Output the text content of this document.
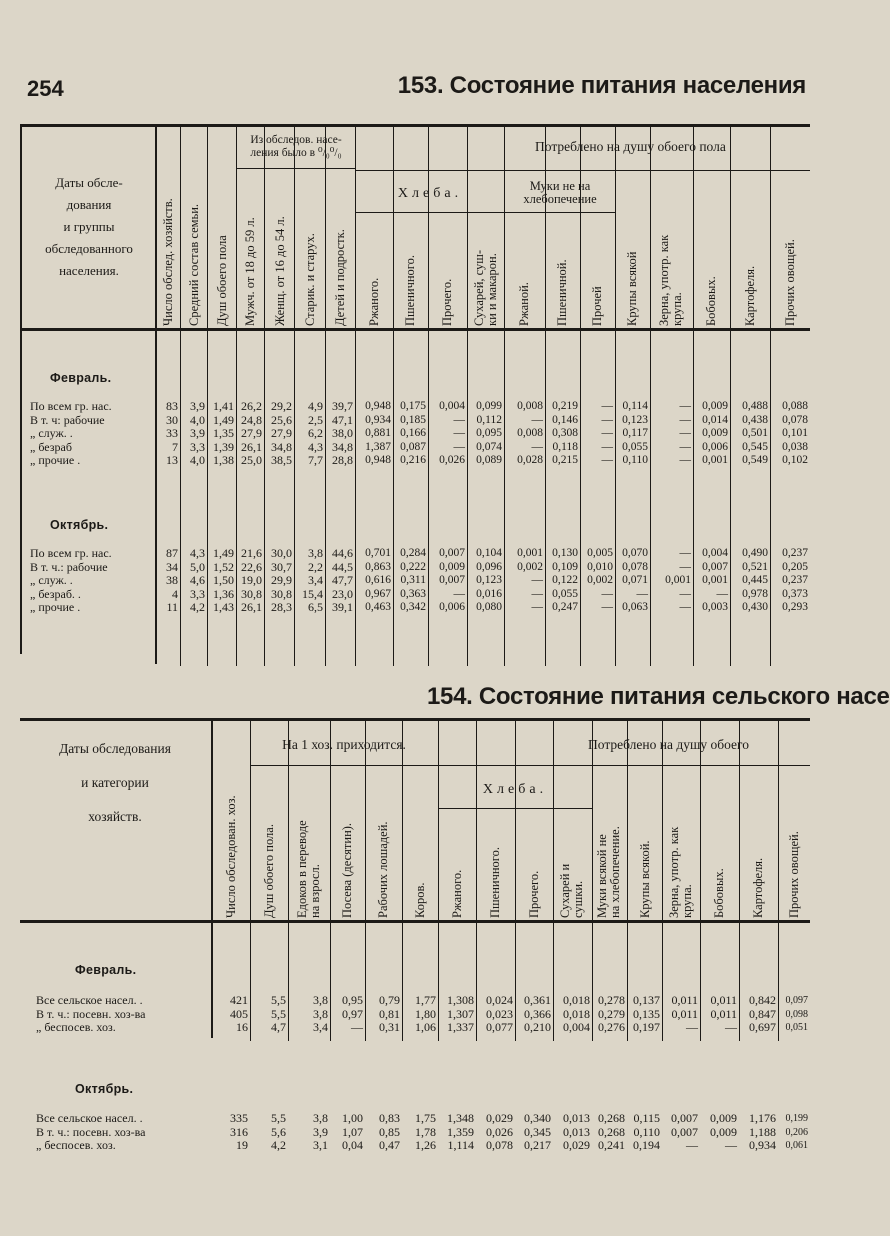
254	153. Состояние питания населения
Даты обсле-
дования
и группы
обследованного
населения.	Число обслед. хозяйств. Средний состав семьи. Душ обоего пола
Из обследов. насе-
ления было в ⁰/₀⁰/₀
Мужч. от 18 до 59 л. Женщ. от 16 до 54 л. Старик. и старух. Детей и подростк.
Потреблено на душу обоего пола
Хлеба.	Муки не на
хлебопечение
Ржаного. Пшеничного. Прочего. Сухарей, суш-
ки и макарон.
Ржаной. Пшеничной. Прочей Крупы всякой Зерна, употр. как
крупа. Бобовых. Картофеля. Прочих овощей.
Февраль.
По всем гр. нас.	83	3,9 1,41 26,2 29,2	4,9 39,7	0,948 0,175	0,004 0,099	0,008 0,219	— 0,114	— 0,009	0,488	0,088
В т. ч: рабочие	30	4,0 1,49 24,8 25,6	2,5 47,1	0,934 0,185	—	0,112	— 0,146	— 0,123	— 0,014	0,438	0,078
„ служ. .	33	3,9 1,35 27,9 27,9	6,2 38,0	0,881 0,166	— 0,095	0,008 0,308	— 0,117	— 0,009	0,501	0,101
„ безраб	7	3,3 1,39 26,1 34,8	4,3 34,8	1,387 0,087	— 0,074	— 0,118	— 0,055	— 0,006	0,545	0,038
„ прочие .	13	4,0 1,38 25,0 38,5	7,7 28,8	0,948 0,216	0,026 0,089	0,028 0,215	— 0,110	— 0,001	0,549	0,102
Октябрь.
По всем гр. нас.	87	4,3 1,49 21,6 30,0	3,8 44,6	0,701 0,284	0,007 0,104	0,001 0,130 0,005 0,070	— 0,004	0,490	0,237
В т. ч.: рабочие	34	5,0 1,52 22,6 30,7	2,2 44,5	0,863 0,222	0,009 0,096	0,002 0,109 0,010 0,078	— 0,007	0,521	0,205
„ служ. .	38	4,6 1,50 19,0 29,9	3,4 47,7	0,616 0,311	0,007 0,123	— 0,122 0,002 0,071	0,001 0,001	0,445	0,237
„ безраб. .	4	3,3 1,36 30,8 30,8 15,4 23,0	0,967 0,363	— 0,016	— 0,055	—	—	—	—	0,978	0,373
„ прочие .	11	4,2 1,43 26,1 28,3	6,5 39,1	0,463 0,342	0,006 0,080	— 0,247	— 0,063	— 0,003	0,430	0,293
154. Состояние питания сельского насе
Даты обследования

и категории

хозяйств.	Число обследован. хоз.
На 1 хоз. приходится.
Душ обоего пола. Едоков в переводе
на взросл. Посева (десятин). Рабочих лошадей. Коров.
Потреблено на душу обоего
Хлеба.
Ржаного. Пшеничного. Прочего. Сухарей и
сушки. Муки всякой не
на хлебопечение. Крупы всякой. Зерна, употр. как
крупа. Бобовых. Картофеля. Прочих овощей.
Февраль.
Все сельское насел. .	421	5,5	3,8	0,95	0,79	1,77 1,308	0,024 0,361	0,018 0,278 0,137 0,011	0,011	0,842 0,097
В т. ч.: посевн. хоз-ва	405	5,5	3,8	0,97	0,81	1,80 1,307	0,023 0,366	0,018 0,279 0,135 0,011	0,011	0,847 0,098
„ беспосев. хоз.	16	4,7	3,4	—	0,31	1,06 1,337	0,077 0,210	0,004 0,276 0,197	—	—	0,697 0,051
Октябрь.
Все сельское насел. .	335	5,5	3,8	1,00	0,83	1,75 1,348	0,029 0,340	0,013 0,268 0,115 0,007	0,009	1,176 0,199
В т. ч.: посевн. хоз-ва	316	5,6	3,9	1,07	0,85	1,78 1,359	0,026 0,345	0,013 0,268 0,110 0,007	0,009	1,188 0,206
„ беспосев. хоз.	19	4,2	3,1	0,04	0,47	1,26 1,114	0,078 0,217	0,029 0,241 0,194	—	—	0,934 0,061
